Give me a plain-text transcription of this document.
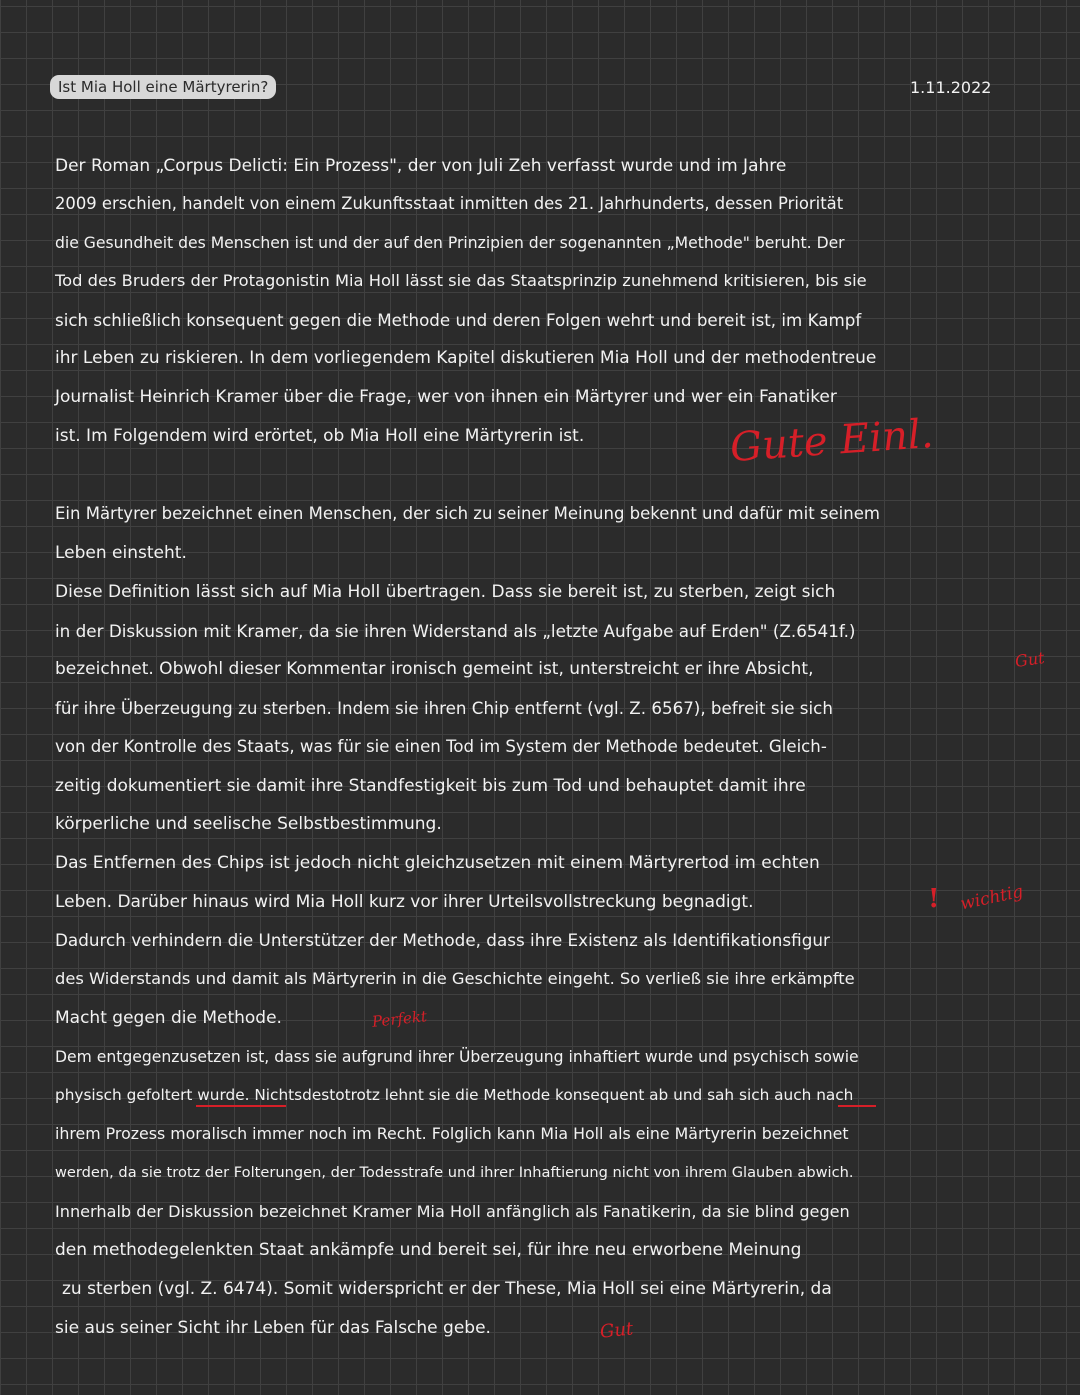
Ist Mia Holl eine Märtyrerin?	1.11.2022
Der Roman „Corpus Delicti: Ein Prozess", der von Juli Zeh verfasst wurde und im Jahre
2009 erschien, handelt von einem Zukunftsstaat inmitten des 21. Jahrhunderts, dessen Priorität
die Gesundheit des Menschen ist und der auf den Prinzipien der sogenannten „Methode" beruht. Der
Tod des Bruders der Protagonistin Mia Holl lässt sie das Staatsprinzip zunehmend kritisieren, bis sie
sich schließlich konsequent gegen die Methode und deren Folgen wehrt und bereit ist, im Kampf
ihr Leben zu riskieren. In dem vorliegendem Kapitel diskutieren Mia Holl und der methodentreue
Journalist Heinrich Kramer über die Frage, wer von ihnen ein Märtyrer und wer ein Fanatiker
ist. Im Folgendem wird erörtet, ob Mia Holl eine Märtyrerin ist.
Ein Märtyrer bezeichnet einen Menschen, der sich zu seiner Meinung bekennt und dafür mit seinem
Leben einsteht.
Diese Definition lässt sich auf Mia Holl übertragen. Dass sie bereit ist, zu sterben, zeigt sich
in der Diskussion mit Kramer, da sie ihren Widerstand als „letzte Aufgabe auf Erden" (Z.6541f.)
bezeichnet. Obwohl dieser Kommentar ironisch gemeint ist, unterstreicht er ihre Absicht,
für ihre Überzeugung zu sterben. Indem sie ihren Chip entfernt (vgl. Z. 6567), befreit sie sich
von der Kontrolle des Staats, was für sie einen Tod im System der Methode bedeutet. Gleich-
zeitig dokumentiert sie damit ihre Standfestigkeit bis zum Tod und behauptet damit ihre
körperliche und seelische Selbstbestimmung.
Das Entfernen des Chips ist jedoch nicht gleichzusetzen mit einem Märtyrertod im echten
Leben. Darüber hinaus wird Mia Holl kurz vor ihrer Urteilsvollstreckung begnadigt.
Dadurch verhindern die Unterstützer der Methode, dass ihre Existenz als Identifikationsfigur
des Widerstands und damit als Märtyrerin in die Geschichte eingeht. So verließ sie ihre erkämpfte
Macht gegen die Methode.
Dem entgegenzusetzen ist, dass sie aufgrund ihrer Überzeugung inhaftiert wurde und psychisch sowie
physisch gefoltert wurde. Nichtsdestotrotz lehnt sie die Methode konsequent ab und sah sich auch nach
ihrem Prozess moralisch immer noch im Recht. Folglich kann Mia Holl als eine Märtyrerin bezeichnet
werden, da sie trotz der Folterungen, der Todesstrafe und ihrer Inhaftierung nicht von ihrem Glauben abwich.
Innerhalb der Diskussion bezeichnet Kramer Mia Holl anfänglich als Fanatikerin, da sie blind gegen
den methodegelenkten Staat ankämpfe und bereit sei, für ihre neu erworbene Meinung
zu sterben (vgl. Z. 6474). Somit widerspricht er der These, Mia Holl sei eine Märtyrerin, da
sie aus seiner Sicht ihr Leben für das Falsche gebe.
Gute Einl.
Gut
! wichtig
Perfekt
Gut
